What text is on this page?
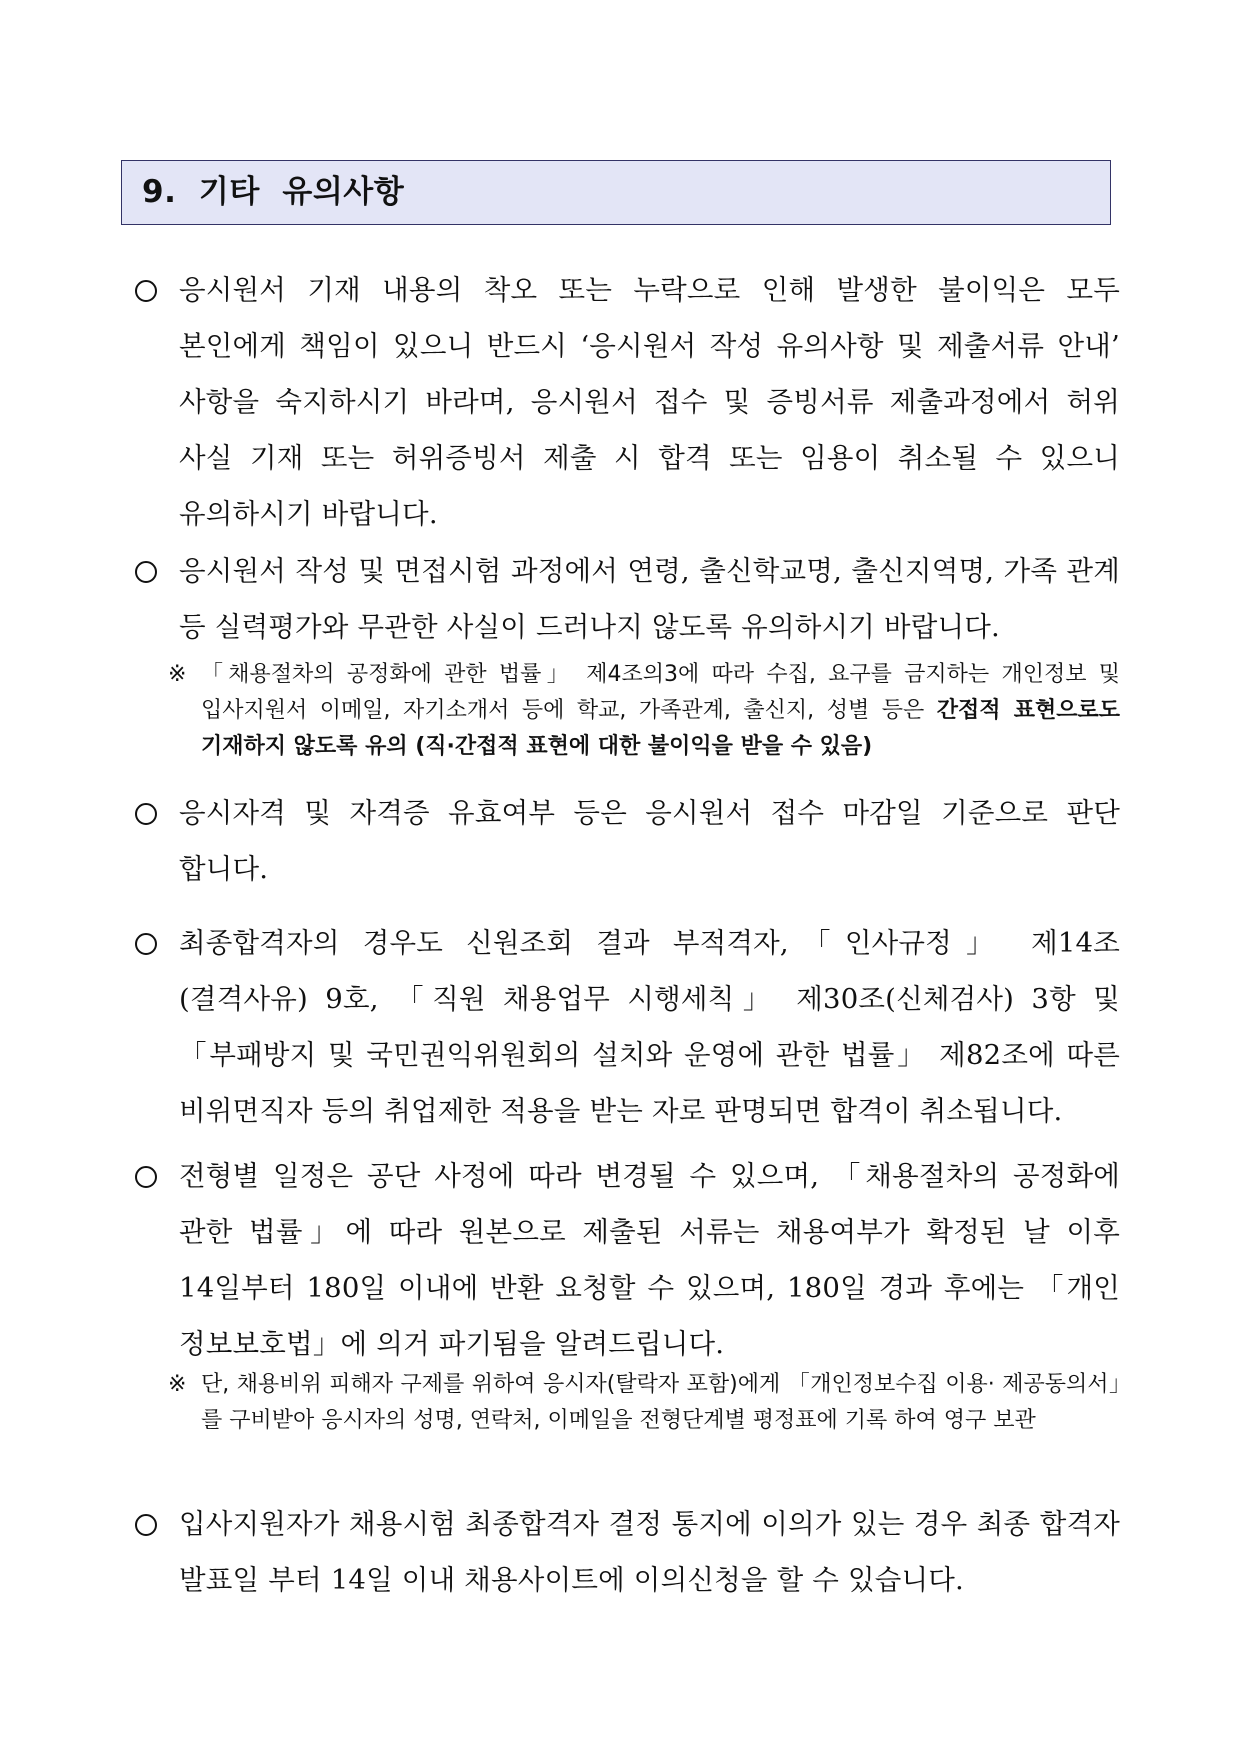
9.  기타  유의사항
응시원서 기재 내용의 착오 또는 누락으로 인해 발생한 불이익은 모두 본인에게 책임이 있으니 반드시 ‘응시원서 작성 유의사항 및 제출서류 안내’ 사항을 숙지하시기 바라며, 응시원서 접수 및 증빙서류 제출과정에서 허위 사실 기재 또는 허위증빙서 제출 시 합격 또는 임용이 취소될 수 있으니 유의하시기 바랍니다.
응시원서 작성 및 면접시험 과정에서 연령, 출신학교명, 출신지역명, 가족 관계 등 실력평가와 무관한 사실이 드러나지 않도록 유의하시기 바랍니다.
※ 「채용절차의 공정화에 관한 법률」 제4조의3에 따라 수집, 요구를 금지하는 개인정보 및 입사지원서 이메일, 자기소개서 등에 학교, 가족관계, 출신지, 성별 등은 간접적 표현으로도 기재하지 않도록 유의 (직·간접적 표현에 대한 불이익을 받을 수 있음)
응시자격 및 자격증 유효여부 등은 응시원서 접수 마감일 기준으로 판단 합니다.
최종합격자의 경우도 신원조회 결과 부적격자,「인사규정」 제14조(결격사유) 9호, 「직원 채용업무 시행세칙」 제30조(신체검사) 3항 및 「부패방지 및 국민권익위원회의 설치와 운영에 관한 법률」 제82조에 따른 비위면직자 등의 취업제한 적용을 받는 자로 판명되면 합격이 취소됩니다.
전형별 일정은 공단 사정에 따라 변경될 수 있으며, 「채용절차의 공정화에 관한 법률」에 따라 원본으로 제출된 서류는 채용여부가 확정된 날 이후 14일부터 180일 이내에 반환 요청할 수 있으며, 180일 경과 후에는 「개인 정보보호법」에 의거 파기됨을 알려드립니다.
※ 단, 채용비위 피해자 구제를 위하여 응시자(탈락자 포함)에게 「개인정보수집 이용· 제공동의서」를 구비받아 응시자의 성명, 연락처, 이메일을 전형단계별 평정표에 기록 하여 영구 보관
입사지원자가 채용시험 최종합격자 결정 통지에 이의가 있는 경우 최종 합격자 발표일 부터 14일 이내 채용사이트에 이의신청을 할 수 있습니다.
